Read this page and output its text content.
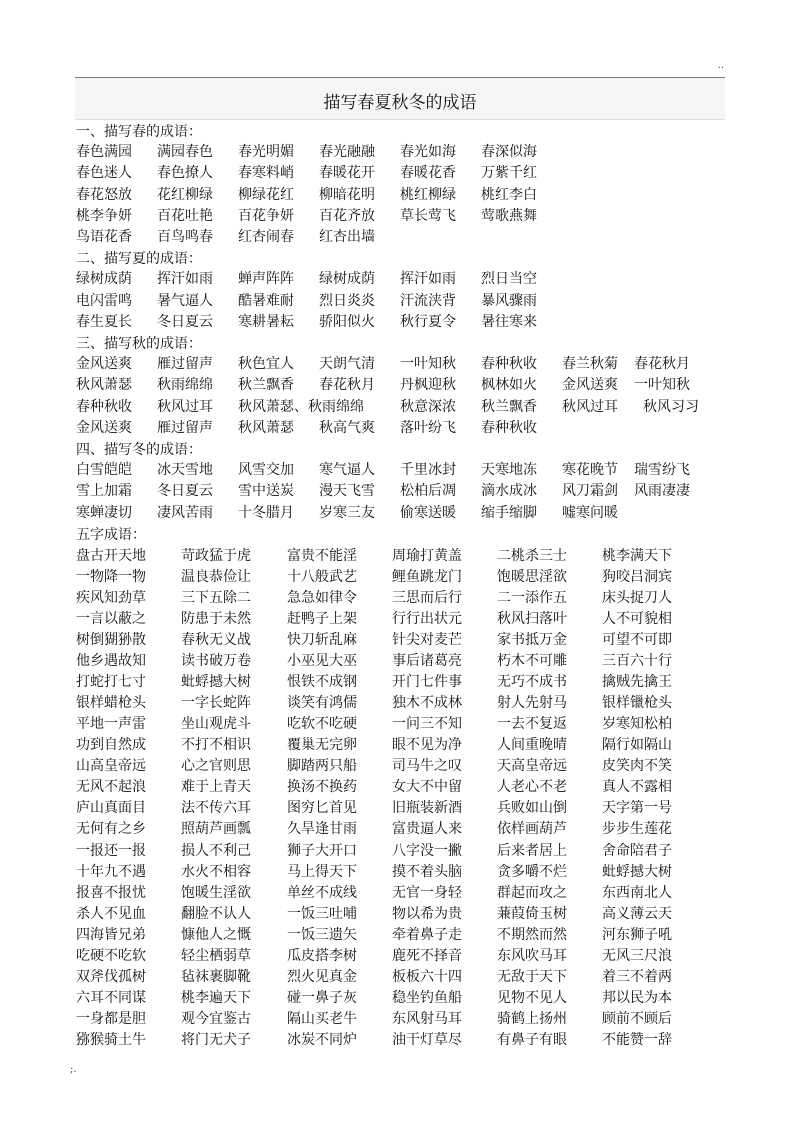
..
描写春夏秋冬的成语
一、描写春的成语：
春色满园 满园春色 春光明媚 春光融融 春光如海 春深似海
春色迷人 春色撩人 春寒料峭 春暖花开 春暖花香 万紫千红
春花怒放 花红柳绿 柳绿花红 柳暗花明 桃红柳绿 桃红李白
桃李争妍 百花吐艳 百花争妍 百花齐放 草长莺飞 莺歌燕舞
鸟语花香 百鸟鸣春 红杏闹春 红杏出墙
二、描写夏的成语：
绿树成荫 挥汗如雨 蝉声阵阵 绿树成荫 挥汗如雨 烈日当空
电闪雷鸣 暑气逼人 酷暑难耐 烈日炎炎 汗流浃背 暴风骤雨
春生夏长 冬日夏云 寒耕暑耘 骄阳似火 秋行夏令 暑往寒来
三、描写秋的成语：
金风送爽 雁过留声 秋色宜人 天朗气清 一叶知秋 春种秋收 春兰秋菊 春花秋月
秋风萧瑟 秋雨绵绵 秋兰飘香 春花秋月 丹枫迎秋 枫林如火 金风送爽 一叶知秋
春种秋收 秋风过耳 秋风萧瑟、秋雨绵绵	秋意深浓 秋兰飘香 秋风过耳 秋风习习
金风送爽 雁过留声 秋风萧瑟 秋高气爽 落叶纷飞 春种秋收
四、描写冬的成语：
白雪皑皑 冰天雪地 风雪交加 寒气逼人 千里冰封 天寒地冻 寒花晚节 瑞雪纷飞
雪上加霜 冬日夏云 雪中送炭 漫天飞雪 松柏后凋 滴水成冰 风刀霜剑 风雨凄凄
寒蝉凄切 凄风苦雨 十冬腊月 岁寒三友 偷寒送暖 缩手缩脚 嘘寒问暖
五字成语：
盘古开天地	苛政猛于虎	富贵不能淫	周瑜打黄盖	二桃杀三士	桃李满天下
一物降一物	温良恭俭让	十八般武艺	鲤鱼跳龙门	饱暖思淫欲	狗咬吕洞宾
疾风知劲草	三下五除二	急急如律令	三思而后行	二一添作五	床头捉刀人
一言以蔽之	防患于未然	赶鸭子上架	行行出状元	秋风扫落叶	人不可貌相
树倒猢狲散	春秋无义战	快刀斩乱麻	针尖对麦芒	家书抵万金	可望不可即
他乡遇故知	读书破万卷	小巫见大巫	事后诸葛亮	朽木不可雕	三百六十行
打蛇打七寸	蚍蜉撼大树	恨铁不成钢	开门七件事	无巧不成书	擒贼先擒王
银样蜡枪头	一字长蛇阵	谈笑有鸿儒	独木不成林	射人先射马	银样镴枪头
平地一声雷	坐山观虎斗	吃软不吃硬	一问三不知	一去不复返	岁寒知松柏
功到自然成	不打不相识	覆巢无完卵	眼不见为净	人间重晚晴	隔行如隔山
山高皇帝远	心之官则思	脚踏两只船	司马牛之叹	天高皇帝远	皮笑肉不笑
无风不起浪	难于上青天	换汤不换药	女大不中留	人老心不老	真人不露相
庐山真面目	法不传六耳	图穷匕首见	旧瓶装新酒	兵败如山倒	天字第一号
无何有之乡	照葫芦画瓢	久旱逢甘雨	富贵逼人来	依样画葫芦	步步生莲花
一报还一报	损人不利己	狮子大开口	八字没一撇	后来者居上	舍命陪君子
十年九不遇	水火不相容	马上得天下	摸不着头脑	贪多嚼不烂	蚍蜉撼大树
报喜不报忧	饱暖生淫欲	单丝不成线	无官一身轻	群起而攻之	东西南北人
杀人不见血	翻脸不认人	一饭三吐哺	物以希为贵	蒹葭倚玉树	高义薄云天
四海皆兄弟	慷他人之慨	一饭三遗矢	牵着鼻子走	不期然而然	河东狮子吼
吃硬不吃软	轻尘栖弱草	瓜皮搭李树	鹿死不择音	东风吹马耳	无风三尺浪
双斧伐孤树	毡袜裹脚靴	烈火见真金	板板六十四	无敌于天下	着三不着两
六耳不同谋	桃李遍天下	碰一鼻子灰	稳坐钓鱼船	见物不见人	邦以民为本
一身都是胆	观今宜鉴古	隔山买老牛	东风射马耳	骑鹤上扬州	顾前不顾后
猕猴骑土牛	将门无犬子	冰炭不同炉	油干灯草尽	有鼻子有眼	不能赞一辞
;.
